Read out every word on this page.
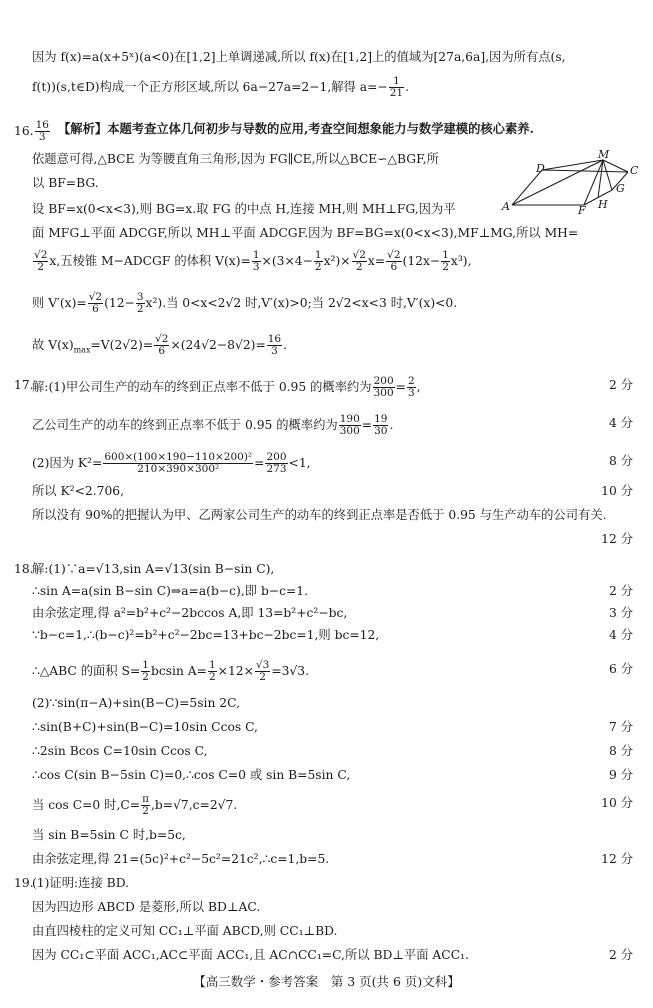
因为 f(x)=a(x+5ˣ)(a<0)在[1,2]上单调递减,所以 f(x)在[1,2]上的值域为[27a,6a],因为所有点(s,
f(t))(s,t∈D)构成一个正方形区域,所以 6a−27a=2−1,解得 $a=- \frac{1}{21}$ .
16. $\frac{16}{3}$ 【解析】本题考查立体几何初步与导数的应用,考查空间想象能力与数学建模的核心素养.
依题意可得,△BCE 为等腰直角三角形,因为 FG∥CE,所以△BCE∽△BGF,所
以 BF=BG.
D
M
C
G
A	F H
设 BF=x(0<x<3),则 BG=x.取 FG 的中点 H,连接 MH,则 MH⊥FG,因为平
面 MFG⊥平面 ADCGF,所以 MH⊥平面 ADCGF.因为 BF=BG=x(0<x<3),MF⊥MG,所以 MH=
$\frac{√2}{2} x$,五棱锥 M−ADCGF 的体积 $V(x)= \frac{1}{3} \times(3\times 4- \frac{1}{2} x^2)\times \frac{√2}{2} x= \frac{√2}{6} (12x- \frac{1}{2} x^3)$,
则 $V'(x)= \frac{√2}{6} (12- \frac{3}{2} x^2)$.当 0<x<2√2 时,V′(x)>0;当 2√2<x<3 时,V′(x)<0.
故 $V(x)_{max}=V(2√2)= \frac{√2}{6} \times(24√2-8√2)= \frac{16}{3}$ .
17.
解:(1)甲公司生产的动车的终到正点率不低于 0.95 的概率约为 $\frac{200}{300} = \frac{2}{3}$ ,	2 分
乙公司生产的动车的终到正点率不低于 0.95 的概率约为 $\frac{190}{300} = \frac{19}{30}$ .	4 分
(2)因为 $K^2= \frac{\text{600×(100×190−110×200)²}}{\text{210×390×300²}} = \frac{200}{273} <1$,	8 分
所以 K²<2.706,	10 分
所以没有 90%的把握认为甲、乙两家公司生产的动车的终到正点率是否低于 0.95 与生产动车的公司有关.
12 分
18.
解:(1)∵a=√13,sin A=√13(sin B−sin C),
∴sin A=a(sin B−sin C)⇒a=a(b−c),即 b−c=1.	2 分
由余弦定理,得 a²=b²+c²−2bccos A,即 13=b²+c²−bc,	3 分
∵b−c=1,∴(b−c)²=b²+c²−2bc=13+bc−2bc=1,则 bc=12,	4 分
∴△ABC 的面积 $S= \frac{1}{2}$ bcsin $A= \frac{1}{2} \times 12\times \frac{√3}{2} =3√3$.	6 分
(2)∵sin(π−A)+sin(B−C)=5sin 2C,
∴sin(B+C)+sin(B−C)=10sin Ccos C,	7 分
∴2sin Bcos C=10sin Ccos C,	8 分
∴cos C(sin B−5sin C)=0,∴cos C=0 或 sin B=5sin C,	9 分
当 cos C=0 时$,C= \frac{\pi}{2} ,b=√7,c=2√7$.	10 分
当 sin B=5sin C 时,b=5c,
由余弦定理,得 21=(5c)²+c²−5c²=21c²,∴c=1,b=5.	12 分
19.
(1)证明:连接 BD.
因为四边形 ABCD 是菱形,所以 BD⊥AC.
由直四棱柱的定义可知 CC₁⊥平面 ABCD,则 CC₁⊥BD.
因为 CC₁⊂平面 ACC₁,AC⊂平面 ACC₁,且 AC∩CC₁=C,所以 BD⊥平面 ACC₁.	2 分
【高三数学・参考答案　第 3 页(共 6 页)文科】
